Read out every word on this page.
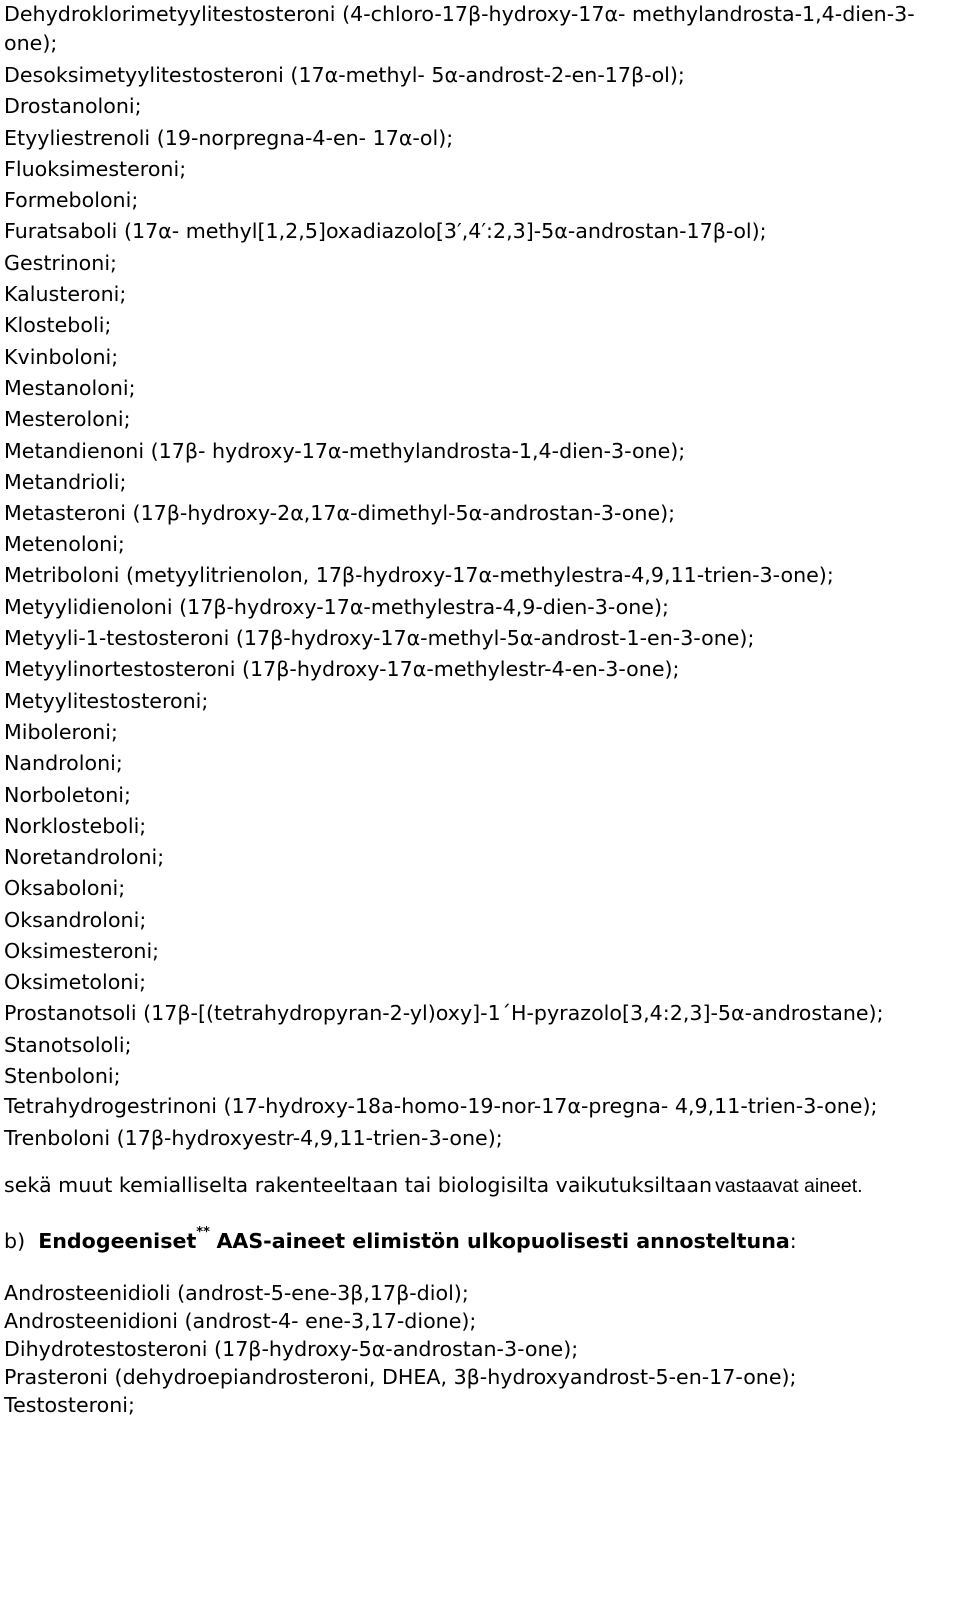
Dehydroklorimetyylitestosteroni (4-chloro-17β-hydroxy-17α- methylandrosta-1,4-dien-3-one);

Desoksimetyylitestosteroni (17α-methyl- 5α-androst-2-en-17β-ol);

Drostanoloni;

Etyyliestrenoli (19-norpregna-4-en- 17α-ol);

Fluoksimesteroni;

Formeboloni;

Furatsaboli (17α- methyl[1,2,5]oxadiazolo[3′,4′:2,3]-5α-androstan-17β-ol);

Gestrinoni;

Kalusteroni;

Klosteboli;

Kvinboloni;

Mestanoloni;

Mesteroloni;

Metandienoni (17β- hydroxy-17α-methylandrosta-1,4-dien-3-one);

Metandrioli;

Metasteroni (17β-hydroxy-2α,17α-dimethyl-5α-androstan-3-one);

Metenoloni;

Metriboloni (metyylitrienolon, 17β-hydroxy-17α-methylestra-4,9,11-trien-3-one);

Metyylidienoloni (17β-hydroxy-17α-methylestra-4,9-dien-3-one);

Metyyli-1-testosteroni (17β-hydroxy-17α-methyl-5α-androst-1-en-3-one);

Metyylinortestosteroni (17β-hydroxy-17α-methylestr-4-en-3-one);

Metyylitestosteroni;

Miboleroni;

Nandroloni;

Norboletoni;

Norklosteboli;

Noretandroloni;

Oksaboloni;

Oksandroloni;

Oksimesteroni;

Oksimetoloni;

Prostanotsoli (17β-[(tetrahydropyran-2-yl)oxy]-1´H-pyrazolo[3,4:2,3]-5α-androstane);

Stanotsololi;

Stenboloni;

Tetrahydrogestrinoni (17-hydroxy-18a-homo-19-nor-17α-pregna- 4,9,11-trien-3-one);

Trenboloni (17β-hydroxyestr-4,9,11-trien-3-one);

sekä muut kemialliselta rakenteeltaan tai biologisilta vaikutuksiltaan vastaavat aineet.

b) Endogeeniset** AAS-aineet elimistön ulkopuolisesti annosteltuna:

Androsteenidioli (androst-5-ene-3β,17β-diol);

Androsteenidioni (androst-4- ene-3,17-dione);

Dihydrotestosteroni (17β-hydroxy-5α-androstan-3-one);

Prasteroni (dehydroepiandrosteroni, DHEA, 3β-hydroxyandrost-5-en-17-one);

Testosteroni;
